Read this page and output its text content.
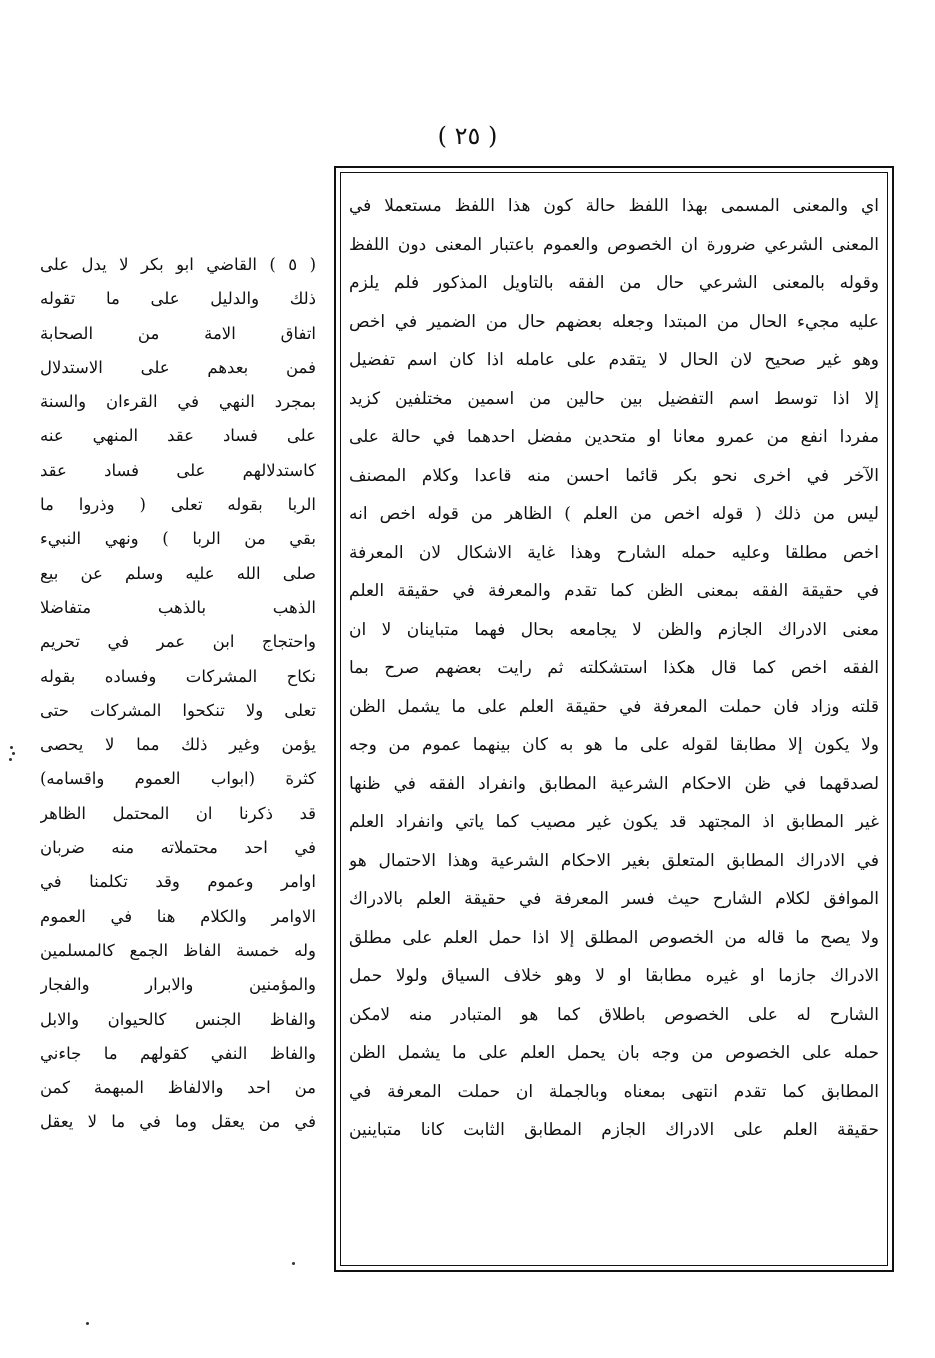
( ٢٥ )
( ٥ ) القاضي ابو بكر لا يدل على
ذلك والدليل على ما تقوله
اتفاق الامة من الصحابة
فمن بعدهم على الاستدلال
بمجرد النهي في القرءان والسنة
على فساد عقد المنهي عنه
كاستدلالهم على فساد عقد
الربا بقوله تعلى ( وذروا ما
بقي من الربا ) ونهي النبيء
صلى الله عليه وسلم عن بيع
الذهب بالذهب متفاضلا
واحتجاج ابن عمر في تحريم
نكاح المشركات وفساده بقوله
تعلى ولا تنكحوا المشركات حتى
يؤمن وغير ذلك مما لا يحصى
كثرة (ابواب العموم واقسامه)
قد ذكرنا ان المحتمل الظاهر
في احد محتملاته منه ضربان
اوامر وعموم وقد تكلمنا في
الاوامر والكلام هنا في العموم
وله خمسة الفاظ الجمع كالمسلمين
والمؤمنين والابرار والفجار
والفاظ الجنس كالحيوان والابل
والفاظ النفي كقولهم ما جاءني
من احد والالفاظ المبهمة كمن
في من يعقل وما في ما لا يعقل
اي والمعنى المسمى بهذا اللفظ حالة كون هذا اللفظ مستعملا في
المعنى الشرعي ضرورة ان الخصوص والعموم باعتبار المعنى دون اللفظ
وقوله بالمعنى الشرعي حال من الفقه بالتاويل المذكور فلم يلزم
عليه مجيء الحال من المبتدا وجعله بعضهم حال من الضمير في اخص
وهو غير صحيح لان الحال لا يتقدم على عامله اذا كان اسم تفضيل
إلا اذا توسط اسم التفضيل بين حالين من اسمين مختلفين كزيد
مفردا انفع من عمرو معانا او متحدين مفضل احدهما في حالة على
الآخر في اخرى نحو بكر قائما احسن منه قاعدا وكلام المصنف
ليس من ذلك ( قوله اخص من العلم ) الظاهر من قوله اخص انه
اخص مطلقا وعليه حمله الشارح وهذا غاية الاشكال لان المعرفة
في حقيقة الفقه بمعنى الظن كما تقدم والمعرفة في حقيقة العلم
معنى الادراك الجازم والظن لا يجامعه بحال فهما متباينان لا ان
الفقه اخص كما قال هكذا استشكلته ثم رايت بعضهم صرح بما
قلته وزاد فان حملت المعرفة في حقيقة العلم على ما يشمل الظن
ولا يكون إلا مطابقا لقوله على ما هو به كان بينهما عموم من وجه
لصدقهما في ظن الاحكام الشرعية المطابق وانفراد الفقه في ظنها
غير المطابق اذ المجتهد قد يكون غير مصيب كما ياتي وانفراد العلم
في الادراك المطابق المتعلق بغير الاحكام الشرعية وهذا الاحتمال هو
الموافق لكلام الشارح حيث فسر المعرفة في حقيقة العلم بالادراك
ولا يصح ما قاله من الخصوص المطلق إلا اذا حمل العلم على مطلق
الادراك جازما او غيره مطابقا او لا وهو خلاف السياق ولولا حمل
الشارح له على الخصوص باطلاق كما هو المتبادر منه لامكن
حمله على الخصوص من وجه بان يحمل العلم على ما يشمل الظن
المطابق كما تقدم انتهى بمعناه وبالجملة ان حملت المعرفة في
حقيقة العلم على الادراك الجازم المطابق الثابت كانا متباينين
